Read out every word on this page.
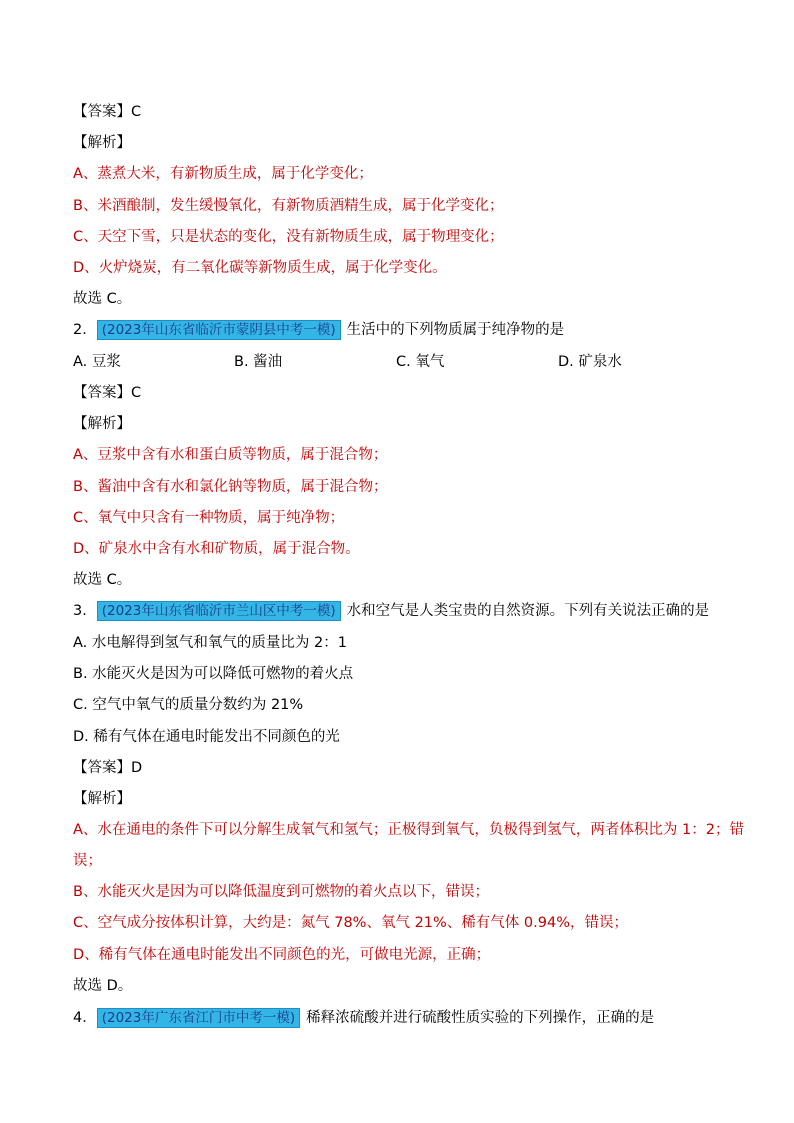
【答案】C
【解析】
A、蒸煮大米，有新物质生成，属于化学变化；
B、米酒酿制，发生缓慢氧化，有新物质酒精生成，属于化学变化；
C、天空下雪，只是状态的变化，没有新物质生成，属于物理变化；
D、火炉烧炭，有二氧化碳等新物质生成，属于化学变化。
故选 C。
2． (2023年山东省临沂市蒙阴县中考一模) 生活中的下列物质属于纯净物的是
A. 豆浆	B. 酱油	C. 氧气	D. 矿泉水
【答案】C
【解析】
A、豆浆中含有水和蛋白质等物质，属于混合物；
B、酱油中含有水和氯化钠等物质，属于混合物；
C、氧气中只含有一种物质，属于纯净物；
D、矿泉水中含有水和矿物质，属于混合物。
故选 C。
3． (2023年山东省临沂市兰山区中考一模) 水和空气是人类宝贵的自然资源。下列有关说法正确的是
A. 水电解得到氢气和氧气的质量比为 2：1
B. 水能灭火是因为可以降低可燃物的着火点
C. 空气中氧气的质量分数约为 21%
D. 稀有气体在通电时能发出不同颜色的光
【答案】D
【解析】
A、水在通电的条件下可以分解生成氧气和氢气；正极得到氧气，负极得到氢气，两者体积比为 1：2；错
误；
B、水能灭火是因为可以降低温度到可燃物的着火点以下，错误；
C、空气成分按体积计算，大约是：氮气 78%、氧气 21%、稀有气体 0.94%，错误；
D、稀有气体在通电时能发出不同颜色的光，可做电光源，正确；
故选 D。
4． (2023年广东省江门市中考一模) 稀释浓硫酸并进行硫酸性质实验的下列操作，正确的是
